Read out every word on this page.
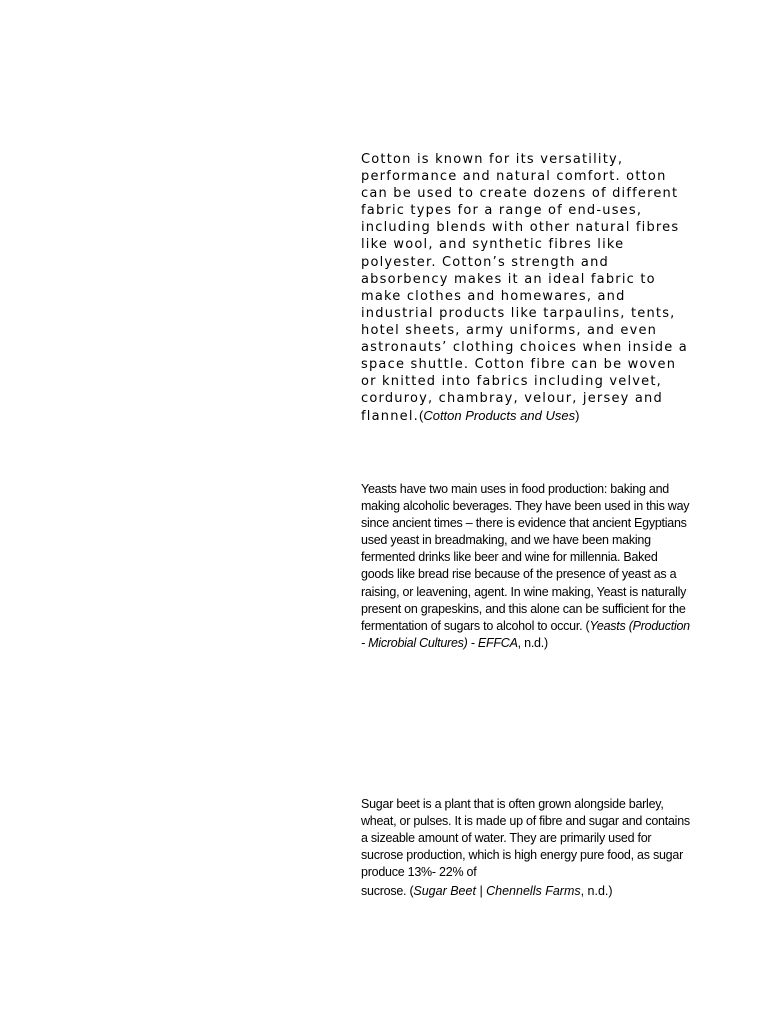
Cotton is known for its versatility, performance and natural comfort. otton can be used to create dozens of different fabric types for a range of end-uses, including blends with other natural fibres like wool, and synthetic fibres like polyester. Cotton’s strength and absorbency makes it an ideal fabric to make clothes and homewares, and industrial products like tarpaulins, tents, hotel sheets, army uniforms, and even astronauts’ clothing choices when inside a space shuttle. Cotton fibre can be woven or knitted into fabrics including velvet, corduroy, chambray, velour, jersey and flannel.(Cotton Products and Uses)

Yeasts have two main uses in food production: baking and making alcoholic beverages. They have been used in this way since ancient times – there is evidence that ancient Egyptians used yeast in breadmaking, and we have been making fermented drinks like beer and wine for millennia. Baked goods like bread rise because of the presence of yeast as a raising, or leavening, agent. In wine making, Yeast is naturally present on grapeskins, and this alone can be sufficient for the fermentation of sugars to alcohol to occur. (Yeasts (Production - Microbial Cultures) - EFFCA, n.d.)

Sugar beet is a plant that is often grown alongside barley, wheat, or pulses. It is made up of fibre and sugar and contains a sizeable amount of water. They are primarily used for sucrose production, which is high energy pure food, as sugar produce 13%- 22% of
sucrose. (Sugar Beet | Chennells Farms, n.d.)
